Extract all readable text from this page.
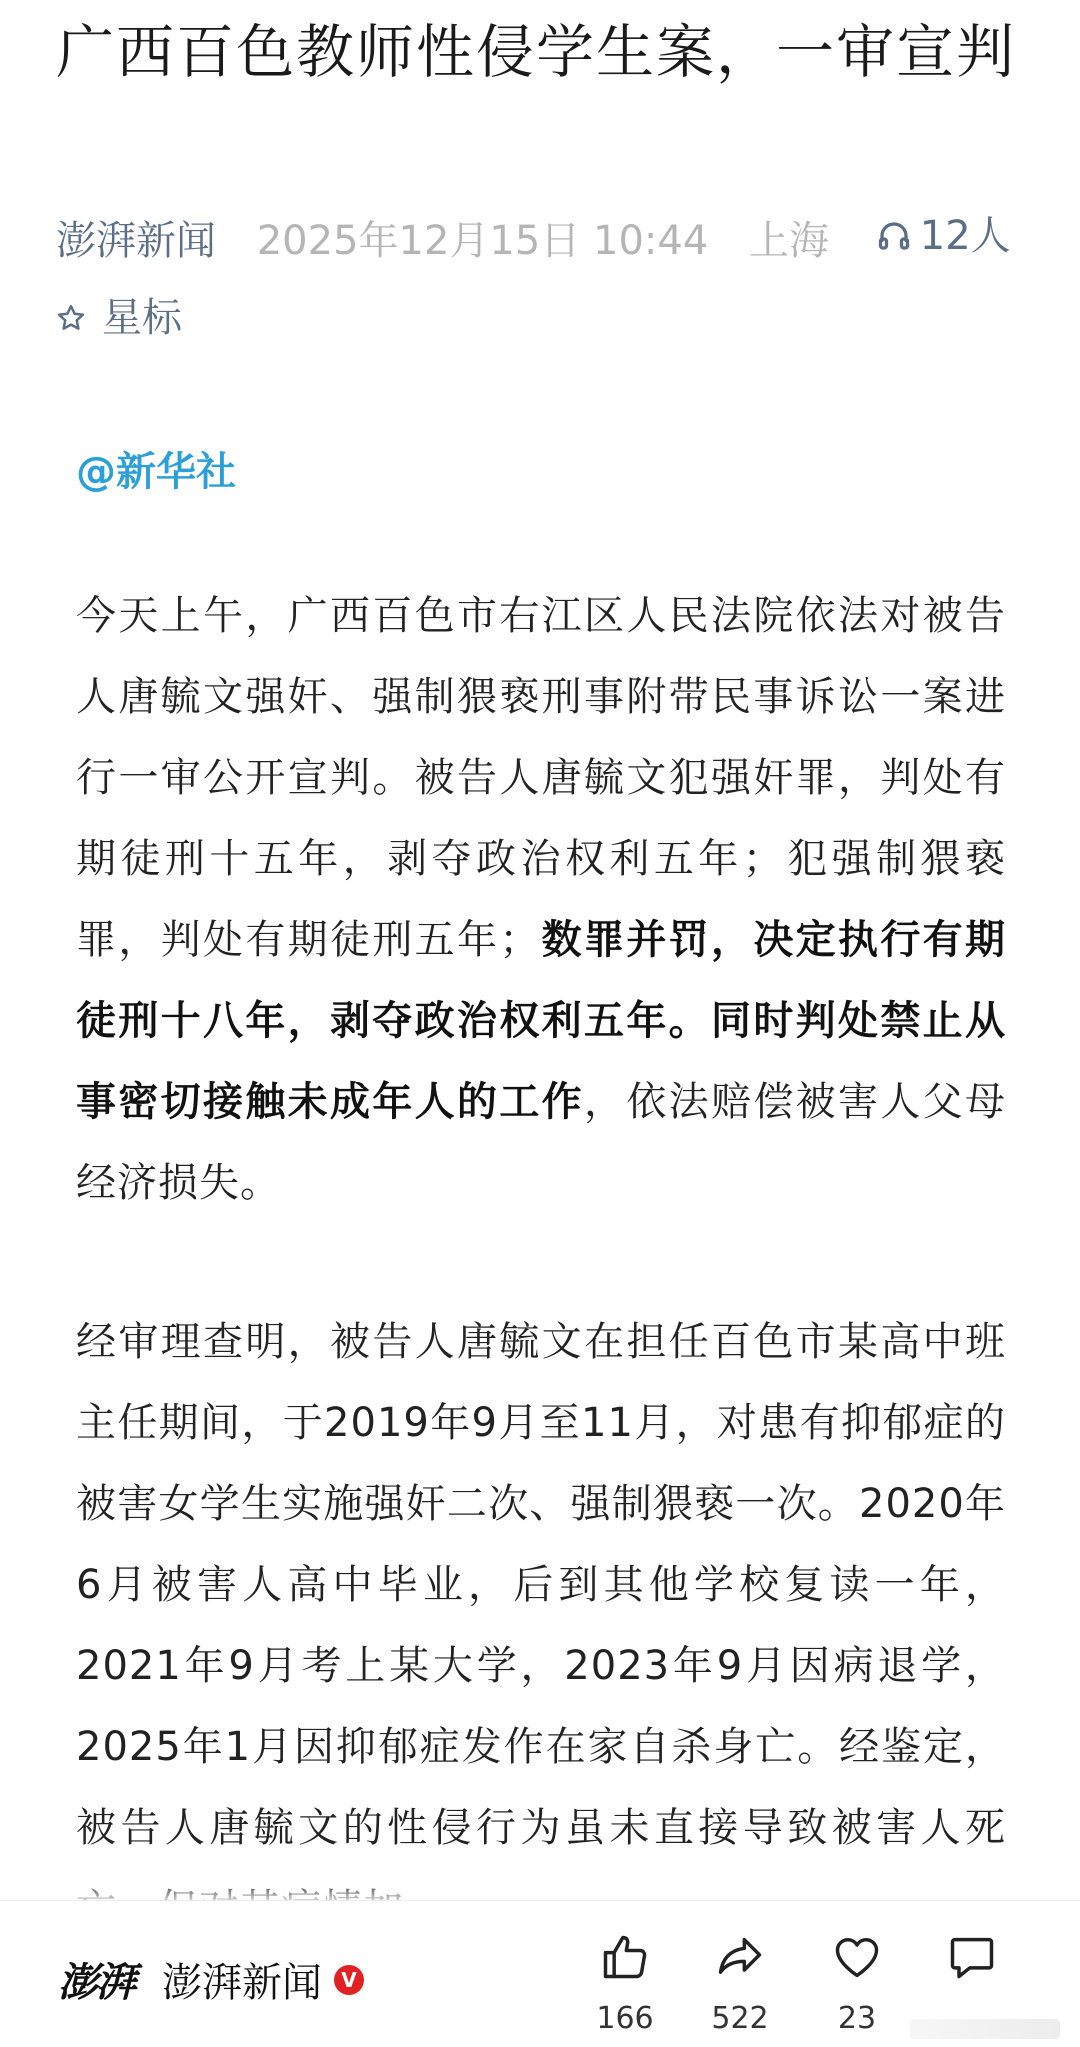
广西百色教师性侵学生案，一审宣判
澎湃新闻 2025年12月15日 10:44 上海 12人
星标
@新华社

今天上午，广西百色市右江区人民法院依法对被告人唐毓文强奸、强制猥亵刑事附带民事诉讼一案进行一审公开宣判。被告人唐毓文犯强奸罪，判处有期徒刑十五年，剥夺政治权利五年；犯强制猥亵罪，判处有期徒刑五年；数罪并罚，决定执行有期徒刑十八年，剥夺政治权利五年。同时判处禁止从事密切接触未成年人的工作，依法赔偿被害人父母经济损失。

经审理查明，被告人唐毓文在担任百色市某高中班主任期间，于2019年9月至11月，对患有抑郁症的被害女学生实施强奸二次、强制猥亵一次。2020年6月被害人高中毕业，后到其他学校复读一年，2021年9月考上某大学，2023年9月因病退学，2025年1月因抑郁症发作在家自杀身亡。经鉴定，被告人唐毓文的性侵行为虽未直接导致被害人死

澎湃 澎湃新闻 V
166	522	23
